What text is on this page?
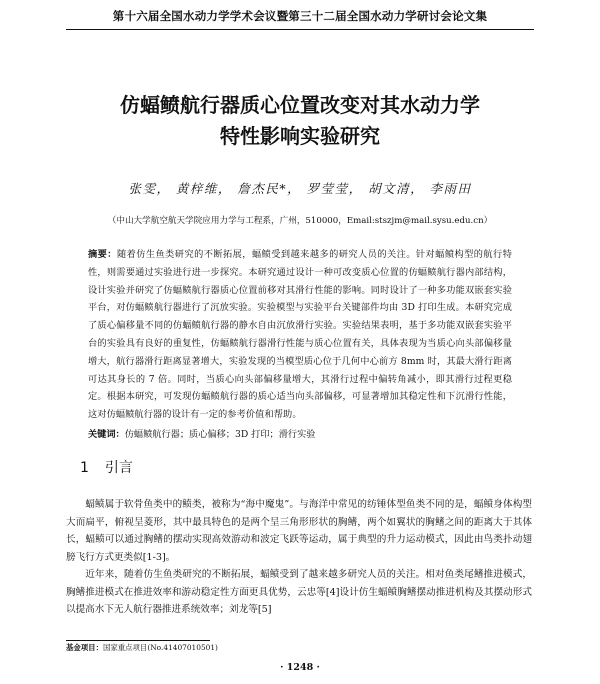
第十六届全国水动力学学术会议暨第三十二届全国水动力学研讨会论文集
仿蝠鲼航行器质心位置改变对其水动力学
特性影响实验研究
张雯， 黄梓维， 詹杰民*， 罗莹莹， 胡文清， 李雨田
（中山大学航空航天学院应用力学与工程系，广州，510000，Email:stszjm@mail.sysu.edu.cn）
摘要：随着仿生鱼类研究的不断拓展，蝠鲼受到越来越多的研究人员的关注。针对蝠鲼构型的航行特性，则需要通过实验进行进一步探究。本研究通过设计一种可改变质心位置的仿蝠鲼航行器内部结构，设计实验并研究了仿蝠鲼航行器质心位置前移对其滑行性能的影响。同时设计了一种多功能双嵌套实验平台，对仿蝠鲼航行器进行了沉放实验。实验模型与实验平台关键部件均由 3D 打印生成。本研究完成了质心偏移量不同的仿蝠鲼航行器的静水自由沉放滑行实验。实验结果表明，基于多功能双嵌套实验平台的实验具有良好的重复性，仿蝠鲼航行器滑行性能与质心位置有关，具体表现为当质心向头部偏移量增大，航行器滑行距离显著增大，实验发现的当模型质心位于几何中心前方 8mm 时，其最大滑行距离可达其身长的 7 倍。同时，当质心向头部偏移量增大，其滑行过程中偏转角减小，即其滑行过程更稳定。根据本研究，可发现仿蝠鲼航行器的质心适当向头部偏移，可显著增加其稳定性和下沉滑行性能，这对仿蝠鲼航行器的设计有一定的参考价值和帮助。
关键词：仿蝠鲼航行器；质心偏移；3D 打印；滑行实验
1 引言

蝠鲼属于软骨鱼类中的鲼类，被称为“海中魔鬼”。与海洋中常见的纺锤体型鱼类不同的是，蝠鲼身体构型大而扁平，俯视呈菱形，其中最具特色的是两个呈三角形形状的胸鳍，两个如翼状的胸鳍之间的距离大于其体长，蝠鲼可以通过胸鳍的摆动实现高效游动和波定飞跃等运动，属于典型的升力运动模式，因此由鸟类扑动翅膀飞行方式更类似[1-3]。

近年来，随着仿生鱼类研究的不断拓展，蝠鲼受到了越来越多研究人员的关注。相对鱼类尾鳍推进模式，胸鳍推进模式在推进效率和游动稳定性方面更具优势，云忠等[4]设计仿生蝠鲼胸鳍摆动推进机构及其摆动形式以提高水下无人航行器推进系统效率；刘龙等[5]

基金项目：国家重点项目(No.41407010501)
· 1248 ·
